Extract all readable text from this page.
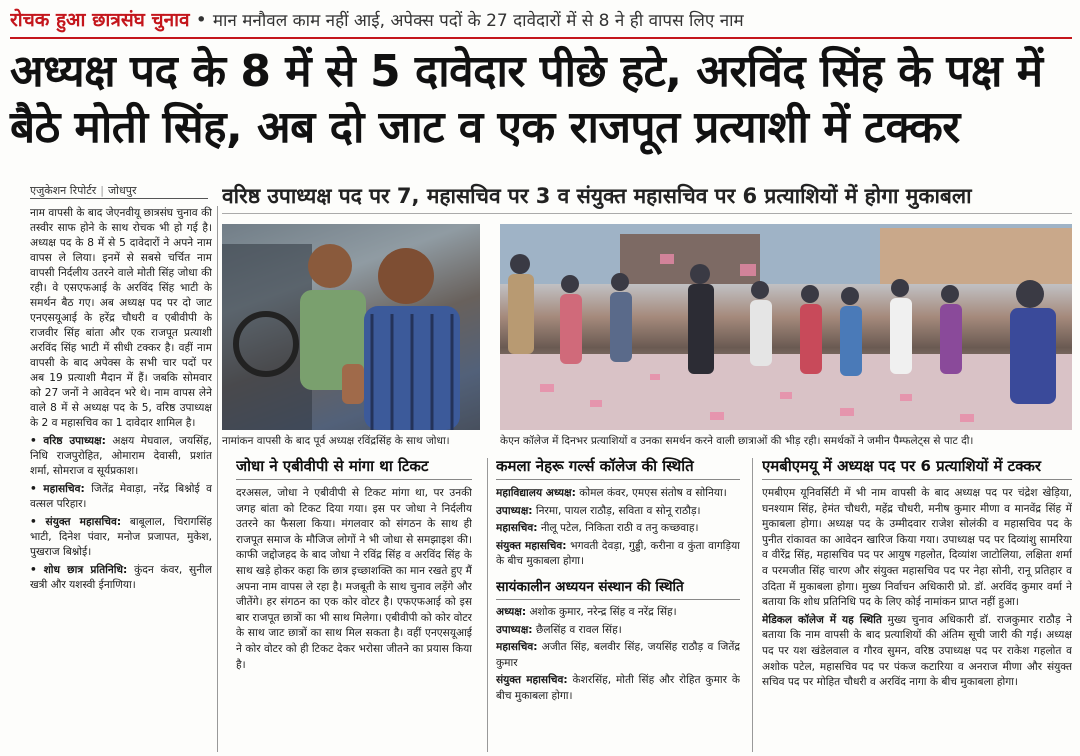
रोचक हुआ छात्रसंघ चुनाव • मान मनौवल काम नहीं आई, अपेक्स पदों के 27 दावेदारों में से 8 ने ही वापस लिए नाम
अध्यक्ष पद के 8 में से 5 दावेदार पीछे हटे, अरविंद सिंह के पक्ष में बैठे मोती सिंह, अब दो जाट व एक राजपूत प्रत्याशी में टक्कर
एजुकेशन रिपोर्टर | जोधपुर	वरिष्ठ उपाध्यक्ष पद पर 7, महासचिव पर 3 व संयुक्त महासचिव पर 6 प्रत्याशियों में होगा मुकाबला

नाम वापसी के बाद जेएनवीयू छात्रसंघ चुनाव की तस्वीर साफ होने के साथ रोचक भी हो गई है। अध्यक्ष पद के 8 में से 5 दावेदारों ने अपने नाम वापस ले लिया। इनमें से सबसे चर्चित नाम वापसी निर्दलीय उतरने वाले मोती सिंह जोधा की रही। वे एसएफआई के अरविंद सिंह भाटी के समर्थन बैठ गए। अब अध्यक्ष पद पर दो जाट एनएसयूआई के हरेंद्र चौधरी व एबीवीपी के राजवीर सिंह बांता और एक राजपूत प्रत्याशी अरविंद सिंह भाटी में सीधी टक्कर है। वहीं नाम वापसी के बाद अपेक्स के सभी चार पदों पर अब 19 प्रत्याशी मैदान में हैं। जबकि सोमवार को 27 जनों ने आवेदन भरे थे। नाम वापस लेने वाले 8 में से अध्यक्ष पद के 5, वरिष्ठ उपाध्यक्ष के 2 व महासचिव का 1 दावेदार शामिल है।

• वरिष्ठ उपाध्यक्ष: अक्षय मेघवाल, जयसिंह, निधि राजपुरोहित, ओमाराम देवासी, प्रशांत शर्मा, सोमराज व सूर्यप्रकाश।

• महासचिव: जितेंद्र मेवाड़ा, नरेंद्र बिश्नोई व वत्सल परिहार।

• संयुक्त महासचिव: बाबूलाल, चिरागसिंह भाटी, दिनेश पंवार, मनोज प्रजापत, मुकेश, पुखराज बिश्नोई।

• शोध छात्र प्रतिनिधि: कुंदन कंवर, सुनील खत्री और यशस्वी ईनाणिया।

नामांकन वापसी के बाद पूर्व अध्यक्ष रविंद्रसिंह के साथ जोधा।	केएन कॉलेज में दिनभर प्रत्याशियों व उनका समर्थन करने वाली छात्राओं की भीड़ रही। समर्थकों ने जमीन पैम्फलेट्स से पाट दी।
जोधा ने एबीवीपी से मांगा था टिकट

दरअसल, जोधा ने एबीवीपी से टिकट मांगा था, पर उनकी जगह बांता को टिकट दिया गया। इस पर जोधा ने निर्दलीय उतरने का फैसला किया। मंगलवार को संगठन के साथ ही राजपूत समाज के मौजिज लोगों ने भी जोधा से समझाइश की। काफी जद्दोजहद के बाद जोधा ने रविंद्र सिंह व अरविंद सिंह के साथ खड़े होकर कहा कि छात्र इच्छाशक्ति का मान रखते हुए मैं अपना नाम वापस ले रहा है। मजबूती के साथ चुनाव लड़ेंगे और जीतेंगे। हर संगठन का एक कोर वोटर है। एफएफआई को इस बार राजपूत छात्रों का भी साथ मिलेगा। एबीवीपी को कोर वोटर के साथ जाट छात्रों का साथ मिल सकता है। वहीं एनएसयूआई ने कोर वोटर को ही टिकट देकर भरोसा जीतने का प्रयास किया है।

कमला नेहरू गर्ल्स कॉलेज की स्थिति

महाविद्यालय अध्यक्ष: कोमल कंवर, एमएस संतोष व सोनिया।

उपाध्यक्ष: निरमा, पायल राठौड़, सविता व सोनू राठौड़।

महासचिव: नीलू पटेल, निकिता राठी व तनु कच्छवाह।

संयुक्त महासचिव: भगवती देवड़ा, गुड्डी, करीना व कुंता वागड़िया के बीच मुकाबला होगा।

सायंकालीन अध्ययन संस्थान की स्थिति

अध्यक्ष: अशोक कुमार, नरेन्द्र सिंह व नरेंद्र सिंह।

उपाध्यक्ष: छैलसिंह व रावल सिंह।

महासचिव: अजीत सिंह, बलवीर सिंह, जयसिंह राठौड़ व जितेंद्र कुमार

संयुक्त महासचिव: केशरसिंह, मोती सिंह और रोहित कुमार के बीच मुकाबला होगा।

एमबीएमयू में अध्यक्ष पद पर 6 प्रत्याशियों में टक्कर

एमबीएम यूनिवर्सिटी में भी नाम वापसी के बाद अध्यक्ष पद पर चंद्रेश खेड़िया, घनश्याम सिंह, हेमंत चौधरी, महेंद्र चौधरी, मनीष कुमार मीणा व मानवेंद्र सिंह में मुकाबला होगा। अध्यक्ष पद के उम्मीदवार राजेश सोलंकी व महासचिव पद के पुनीत रांकावत का आवेदन खारिज किया गया। उपाध्यक्ष पद पर दिव्यांशु सामरिया व वीरेंद्र सिंह, महासचिव पद पर आयुष गहलोत, दिव्यांश जाटोलिया, लक्षिता शर्मा व परमजीत सिंह चारण और संयुक्त महासचिव पद पर नेहा सोनी, रानू प्रतिहार व उदिता में मुकाबला होगा। मुख्य निर्वाचन अधिकारी प्रो. डॉ. अरविंद कुमार वर्मा ने बताया कि शोध प्रतिनिधि पद के लिए कोई नामांकन प्राप्त नहीं हुआ।

मेडिकल कॉलेज में यह स्थिति मुख्य चुनाव अधिकारी डॉ. राजकुमार राठौड़ ने बताया कि नाम वापसी के बाद प्रत्याशियों की अंतिम सूची जारी की गई। अध्यक्ष पद पर यश खंडेलवाल व गौरव सुमन, वरिष्ठ उपाध्यक्ष पद पर राकेश गहलोत व अशोक पटेल, महासचिव पद पर पंकज कटारिया व अनराज मीणा और संयुक्त सचिव पद पर मोहित चौधरी व अरविंद नागा के बीच मुकाबला होगा।
